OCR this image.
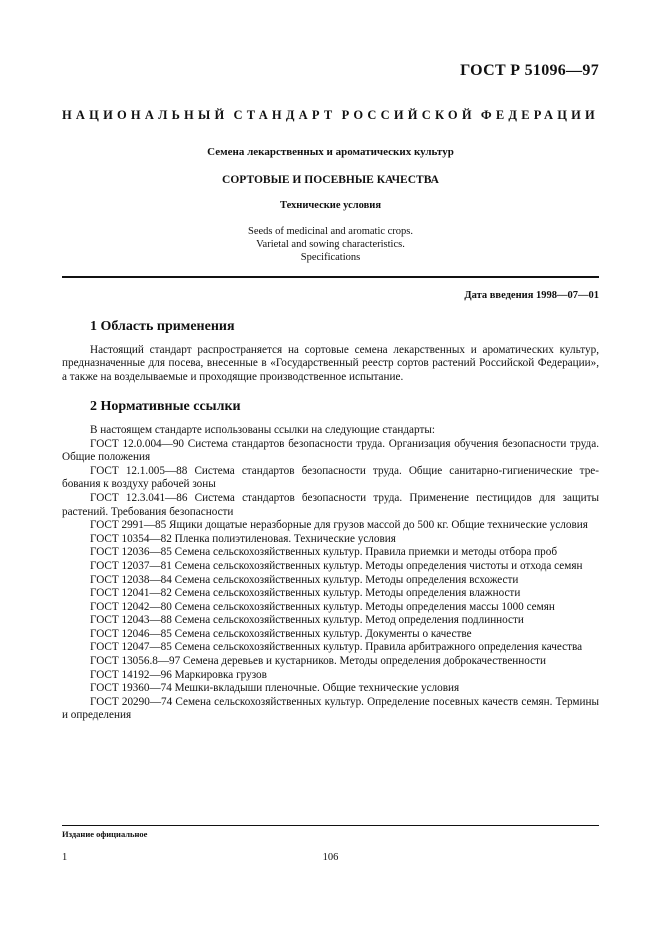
ГОСТ Р 51096—97
НАЦИОНАЛЬНЫЙ СТАНДАРТ РОССИЙСКОЙ ФЕДЕРАЦИИ

Семена лекарственных и ароматических культур

СОРТОВЫЕ И ПОСЕВНЫЕ КАЧЕСТВА

Технические условия

Seeds of medicinal and aromatic crops.
Varietal and sowing characteristics.
Specifications
Дата введения 1998—07—01
1 Область применения

Настоящий стандарт распространяется на сортовые семена лекарственных и ароматических культур, предназначенные для посева, внесенные в «Государственный реестр сортов растений Российской Федерации», а также на возделываемые и проходящие производственное испытание.

2 Нормативные ссылки

В настоящем стандарте использованы ссылки на следующие стандарты:

ГОСТ 12.0.004—90 Система стандартов безопасности труда. Организация обучения безопасности труда. Общие положения

ГОСТ 12.1.005—88 Система стандартов безопасности труда. Общие санитарно-гигиенические требования к воздуху рабочей зоны

ГОСТ 12.3.041—86 Система стандартов безопасности труда. Применение пестицидов для защиты растений. Требования безопасности

ГОСТ 2991—85 Ящики дощатые неразборные для грузов массой до 500 кг. Общие технические условия

ГОСТ 10354—82 Пленка полиэтиленовая. Технические условия

ГОСТ 12036—85 Семена сельскохозяйственных культур. Правила приемки и методы отбора проб

ГОСТ 12037—81 Семена сельскохозяйственных культур. Методы определения чистоты и отхода семян

ГОСТ 12038—84 Семена сельскохозяйственных культур. Методы определения всхожести

ГОСТ 12041—82 Семена сельскохозяйственных культур. Методы определения влажности

ГОСТ 12042—80 Семена сельскохозяйственных культур. Методы определения массы 1000 семян

ГОСТ 12043—88 Семена сельскохозяйственных культур. Метод определения подлинности

ГОСТ 12046—85 Семена сельскохозяйственных культур. Документы о качестве

ГОСТ 12047—85 Семена сельскохозяйственных культур. Правила арбитражного определения качества

ГОСТ 13056.8—97 Семена деревьев и кустарников. Методы определения доброкачественности

ГОСТ 14192—96 Маркировка грузов

ГОСТ 19360—74 Мешки-вкладыши пленочные. Общие технические условия

ГОСТ 20290—74 Семена сельскохозяйственных культур. Определение посевных качеств семян. Термины и определения

Издание официальное
1	106
